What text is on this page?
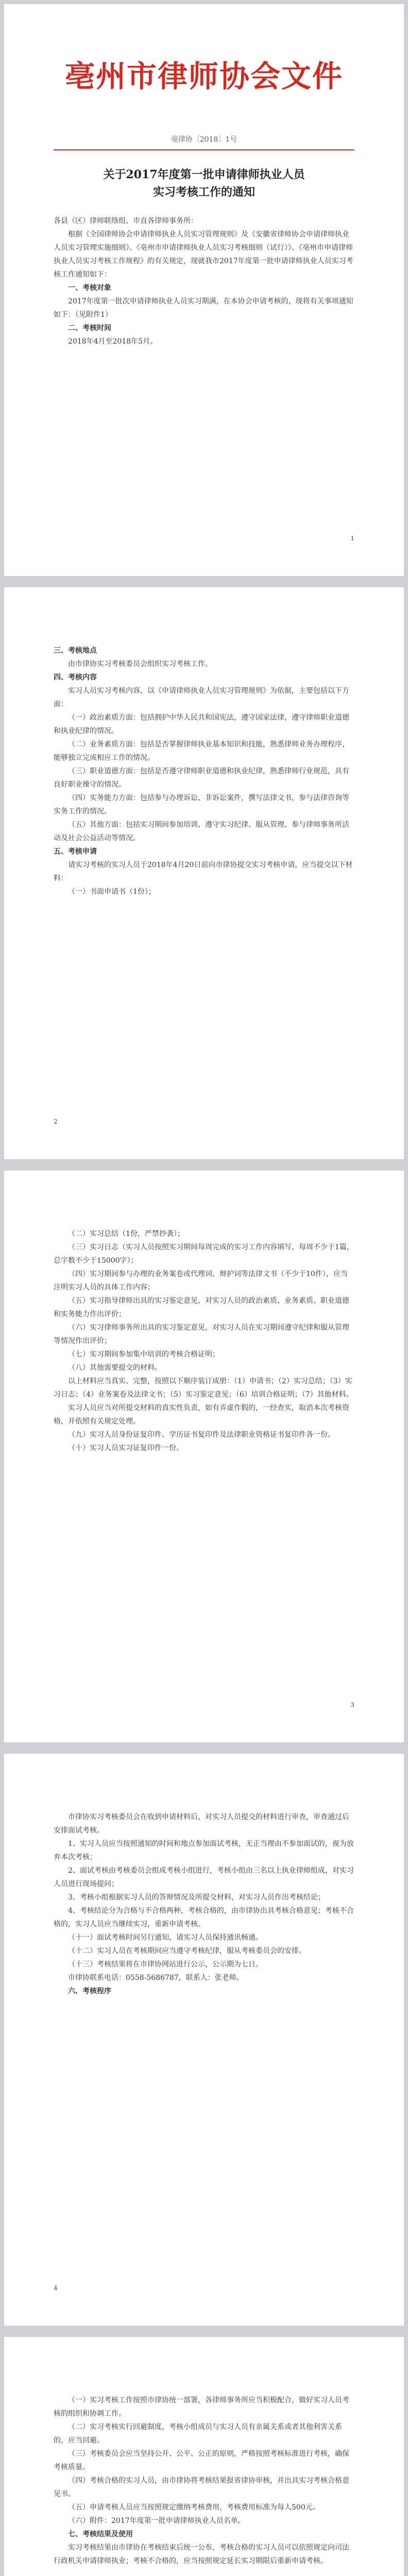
亳州市律师协会文件
亳律协〔2018〕1号
关于2017年度第一批申请律师执业人员
实习考核工作的通知

各县（区）律师联络组、市直各律师事务所：

根据《全国律师协会申请律师执业人员实习管理规则》及《安徽省律师协会申请律师执业人员实习管理实施细则》、《亳州市申请律师执业人员实习考核细则（试行）》、《亳州市申请律师执业人员实习考核工作规程》的有关规定，现就我市2017年度第一批申请律师执业人员实习考核工作通知如下：

一、考核对象

2017年度第一批次申请律师执业人员实习期满，在本协会申请考核的，现将有关事项通知如下：（见附件1）

二、考核时间

2018年4月至2018年5月。

1

三、考核地点

由市律协实习考核委员会组织实习考核工作。

四、考核内容

实习人员实习考核内容，以《申请律师执业人员实习管理规则》为依据，主要包括以下方面：

（一）政治素质方面：包括拥护中华人民共和国宪法，遵守国家法律，遵守律师职业道德和执业纪律的情况。

（二）业务素质方面：包括是否掌握律师执业基本知识和技能，熟悉律师业务办理程序，能够独立完成相应工作的情况。

（三）职业道德方面：包括是否遵守律师职业道德和执业纪律，熟悉律师行业规范，具有良好职业操守的情况。

（四）实务能力方面：包括参与办理诉讼、非诉讼案件，撰写法律文书，参与法律咨询等实务工作的情况。

（五）其他方面：包括实习期间参加培训、遵守实习纪律、服从管理、参与律师事务所活动及社会公益活动等情况。

五、考核申请

请实习考核的实习人员于2018年4月20日前向市律协提交实习考核申请，应当提交以下材料：

（一）书面申请书（1份）；

2

（二）实习总结（1份，严禁抄袭）；

（三）实习日志（实习人员按照实习期间每周完成的实习工作内容填写，每周不少于1篇，总字数不少于15000字）；

（四）实习期间参与办理的业务案卷或代理词、辩护词等法律文书（不少于10件），应当注明实习人员的具体工作内容；

（五）实习指导律师出具的实习鉴定意见，对实习人员的政治素质、业务素质、职业道德和实务能力作出评价；

（六）实习律师事务所出具的实习鉴定意见，对实习人员在实习期间遵守纪律和服从管理等情况作出评价；

（七）实习期间参加集中培训的考核合格证明；

（八）其他需要提交的材料。

以上材料应当真实、完整，按照以下顺序装订成册：（1）申请书；（2）实习总结；（3）实习日志；（4）业务案卷及法律文书；（5）实习鉴定意见；（6）培训合格证明；（7）其他材料。

实习人员应当对所提交材料的真实性负责，如有弄虚作假的，一经查实，取消本次考核资格，并依照有关规定处理。

（九）实习人员身份证复印件、学历证书复印件及法律职业资格证书复印件各一份。

（十）实习人员实习证复印件一份。

3

市律协实习考核委员会在收到申请材料后，对实习人员提交的材料进行审查，审查通过后安排面试考核。

1、实习人员应当按照通知的时间和地点参加面试考核，无正当理由不参加面试的，视为放弃本次考核；

2、面试考核由考核委员会组成考核小组进行，考核小组由三名以上执业律师组成，对实习人员进行现场提问；

3、考核小组根据实习人员的答辩情况及所提交材料，对实习人员作出考核结论；

4、考核结论分为合格与不合格两种，考核合格的，由市律协出具考核合格意见；考核不合格的，实习人员应当继续实习，重新申请考核。

（十一）面试考核时间另行通知，请实习人员保持通讯畅通。

（十二）实习人员在考核期间应当遵守考核纪律，服从考核委员会的安排。

（十三）考核结果将在市律协网站进行公示，公示期为七日。

市律协联系电话：0558-5686787，联系人：张老师。

六、考核程序

4

（一）实习考核工作按照市律协统一部署，各律师事务所应当积极配合，做好实习人员考核的组织和协调工作。

（二）实习考核实行回避制度，考核小组成员与实习人员有亲属关系或者其他利害关系的，应当回避。

（三）考核委员会应当坚持公开、公平、公正的原则，严格按照考核标准进行考核，确保考核质量。

（四）考核合格的实习人员，由市律协将考核结果报省律协审核，并出具实习考核合格意见书。

（五）申请考核人员应当按照规定缴纳考核费用，考核费用标准为每人500元。

（六）附件：2017年度第一批申请律师执业人员名单。

七、考核结果及使用

实习考核结果由市律协在考核结束后统一公布，考核合格的实习人员可以依照规定向司法行政机关申请律师执业；考核不合格的，应当按照规定延长实习期限后重新申请考核。
